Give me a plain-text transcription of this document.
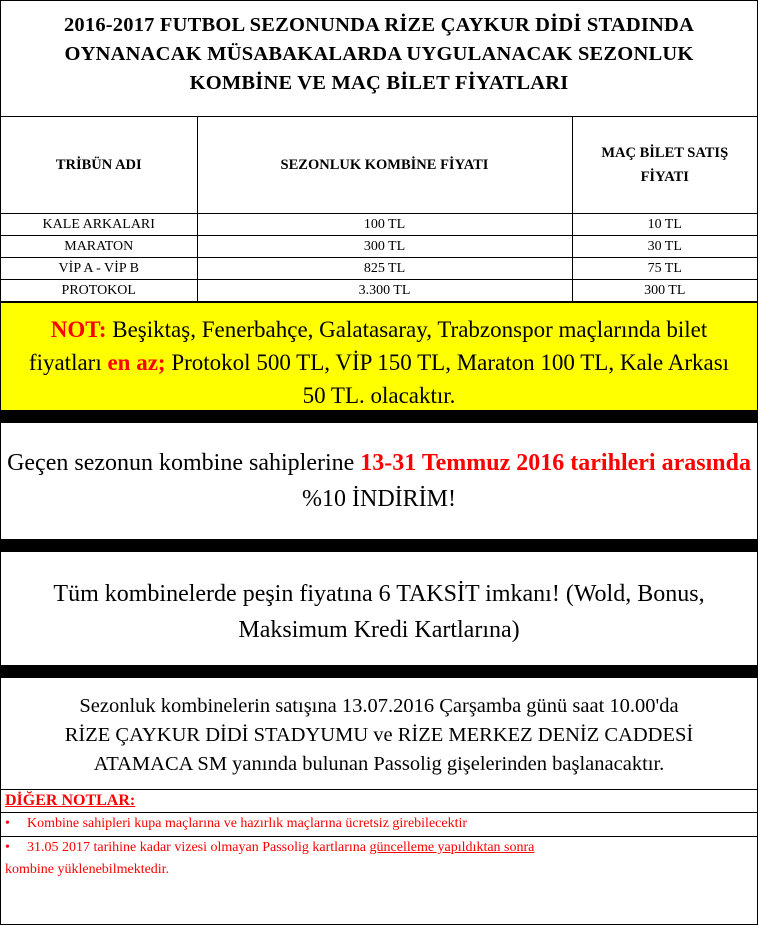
2016-2017 FUTBOL SEZONUNDA RİZE ÇAYKUR DİDİ STADINDA
OYNANACAK MÜSABAKALARDA UYGULANACAK SEZONLUK
KOMBİNE VE MAÇ BİLET FİYATLARI
TRİBÜN ADI	SEZONLUK KOMBİNE FİYATI	MAÇ BİLET SATIŞ
FİYATI

KALE ARKALARI	100 TL	10 TL
MARATON	300 TL	30 TL
VİP A - VİP B	825 TL	75 TL
PROTOKOL	3.300 TL	300 TL
NOT: Beşiktaş, Fenerbahçe, Galatasaray, Trabzonspor maçlarında bilet fiyatları en az; Protokol 500 TL, VİP 150 TL, Maraton 100 TL, Kale Arkası 50 TL. olacaktır.
Geçen sezonun kombine sahiplerine 13-31 Temmuz 2016 tarihleri arasında %10 İNDİRİM!
Tüm kombinelerde peşin fiyatına 6 TAKSİT imkanı! (Wold, Bonus, Maksimum Kredi Kartlarına)
Sezonluk kombinelerin satışına 13.07.2016 Çarşamba günü saat 10.00'da
RİZE ÇAYKUR DİDİ STADYUMU ve RİZE MERKEZ DENİZ CADDESİ
ATAMACA SM yanında bulunan Passolig gişelerinden başlanacaktır.
DİĞER NOTLAR:
• Kombine sahipleri kupa maçlarına ve hazırlık maçlarına ücretsiz girebilecektir
• 31.05 2017 tarihine kadar vizesi olmayan Passolig kartlarına güncelleme yapıldıktan sonra
kombine yüklenebilmektedir.
